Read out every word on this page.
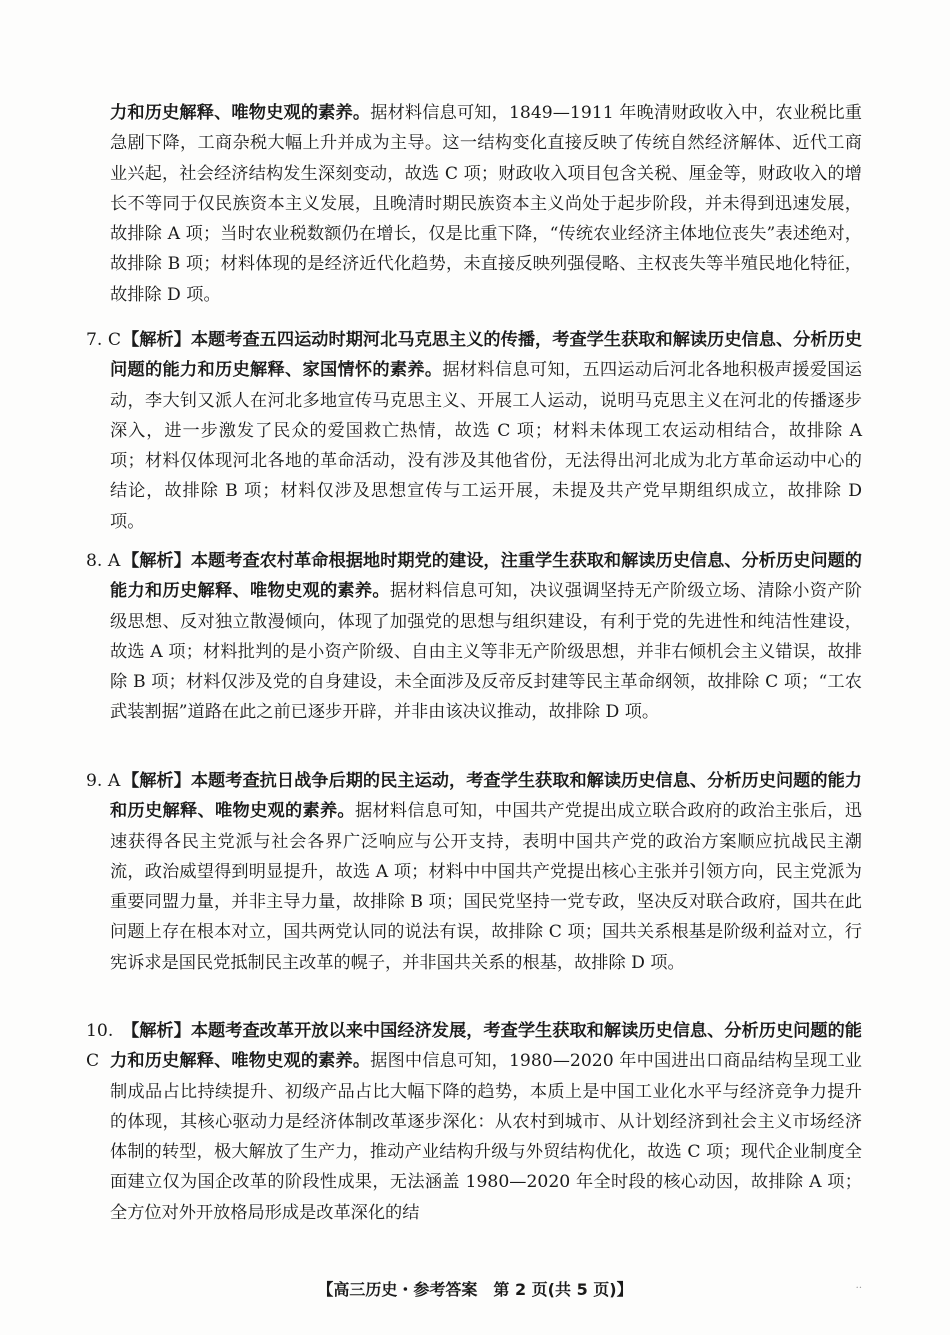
力和历史解释、唯物史观的素养。据材料信息可知，1849—1911 年晚清财政收入中，农业税比重急剧下降，工商杂税大幅上升并成为主导。这一结构变化直接反映了传统自然经济解体、近代工商业兴起，社会经济结构发生深刻变动，故选 C 项；财政收入项目包含关税、厘金等，财政收入的增长不等同于仅民族资本主义发展，且晚清时期民族资本主义尚处于起步阶段，并未得到迅速发展，故排除 A 项；当时农业税数额仍在增长，仅是比重下降，“传统农业经济主体地位丧失”表述绝对，故排除 B 项；材料体现的是经济近代化趋势，未直接反映列强侵略、主权丧失等半殖民地化特征，故排除 D 项。
7. C 【解析】本题考查五四运动时期河北马克思主义的传播，考查学生获取和解读历史信息、分析历史问题的能力和历史解释、家国情怀的素养。据材料信息可知，五四运动后河北各地积极声援爱国运动，李大钊又派人在河北多地宣传马克思主义、开展工人运动，说明马克思主义在河北的传播逐步深入，进一步激发了民众的爱国救亡热情，故选 C 项；材料未体现工农运动相结合，故排除 A 项；材料仅体现河北各地的革命活动，没有涉及其他省份，无法得出河北成为北方革命运动中心的结论，故排除 B 项；材料仅涉及思想宣传与工运开展，未提及共产党早期组织成立，故排除 D 项。
8. A 【解析】本题考查农村革命根据地时期党的建设，注重学生获取和解读历史信息、分析历史问题的能力和历史解释、唯物史观的素养。据材料信息可知，决议强调坚持无产阶级立场、清除小资产阶级思想、反对独立散漫倾向，体现了加强党的思想与组织建设，有利于党的先进性和纯洁性建设，故选 A 项；材料批判的是小资产阶级、自由主义等非无产阶级思想，并非右倾机会主义错误，故排除 B 项；材料仅涉及党的自身建设，未全面涉及反帝反封建等民主革命纲领，故排除 C 项；“工农武装割据”道路在此之前已逐步开辟，并非由该决议推动，故排除 D 项。
9. A 【解析】本题考查抗日战争后期的民主运动，考查学生获取和解读历史信息、分析历史问题的能力和历史解释、唯物史观的素养。据材料信息可知，中国共产党提出成立联合政府的政治主张后，迅速获得各民主党派与社会各界广泛响应与公开支持，表明中国共产党的政治方案顺应抗战民主潮流，政治威望得到明显提升，故选 A 项；材料中中国共产党提出核心主张并引领方向，民主党派为重要同盟力量，并非主导力量，故排除 B 项；国民党坚持一党专政，坚决反对联合政府，国共在此问题上存在根本对立，国共两党认同的说法有误，故排除 C 项；国共关系根基是阶级利益对立，行宪诉求是国民党抵制民主改革的幌子，并非国共关系的根基，故排除 D 项。
10. C
【解析】本题考查改革开放以来中国经济发展，考查学生获取和解读历史信息、分析历史问题的能力和历史解释、唯物史观的素养。据图中信息可知，1980—2020 年中国进出口商品结构呈现工业制成品占比持续提升、初级产品占比大幅下降的趋势，本质上是中国工业化水平与经济竞争力提升的体现，其核心驱动力是经济体制改革逐步深化：从农村到城市、从计划经济到社会主义市场经济体制的转型，极大解放了生产力，推动产业结构升级与外贸结构优化，故选 C 项；现代企业制度全面建立仅为国企改革的阶段性成果，无法涵盖 1980—2020 年全时段的核心动因，故排除 A 项；全方位对外开放格局形成是改革深化的结
【高三历史・参考答案　第 2 页(共 5 页)】	··
